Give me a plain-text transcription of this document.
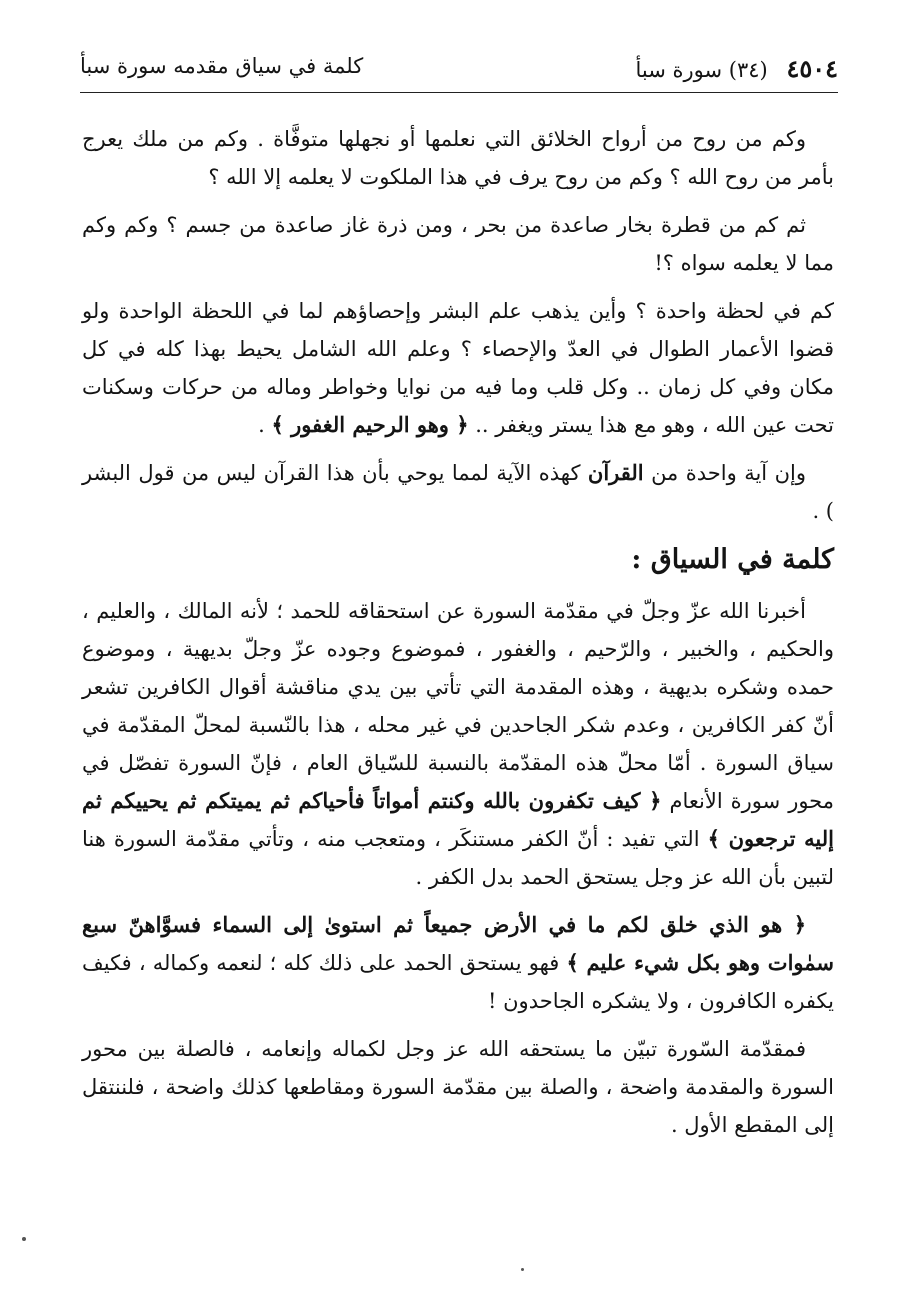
٤٥٠٤ (٣٤) سورة سبأ
كلمة في سياق مقدمه سورة سبأ

وكم من روح من أرواح الخلائق التي نعلمها أو نجهلها متوفَّاة . وكم من ملك يعرج بأمر من روح الله ؟ وكم من روح يرف في هذا الملكوت لا يعلمه إلا الله ؟

ثم كم من قطرة بخار صاعدة من بحر ، ومن ذرة غاز صاعدة من جسم ؟ وكم وكم مما لا يعلمه سواه ؟!

كم في لحظة واحدة ؟ وأين يذهب علم البشر وإحصاؤهم لما في اللحظة الواحدة ولو قضوا الأعمار الطوال في العدّ والإحصاء ؟ وعلم الله الشامل يحيط بهذا كله في كل مكان وفي كل زمان .. وكل قلب وما فيه من نوايا وخواطر وماله من حركات وسكنات تحت عين الله ، وهو مع هذا يستر ويغفر .. ﴿ وهو الرحيم الغفور ﴾ .

وإن آية واحدة من القرآن كهذه الآية لمما يوحي بأن هذا القرآن ليس من قول البشر ) .

كلمة في السياق :

أخبرنا الله عزّ وجلّ في مقدّمة السورة عن استحقاقه للحمد ؛ لأنه المالك ، والعليم ، والحكيم ، والخبير ، والرّحيم ، والغفور ، فموضوع وجوده عزّ وجلّ بديهية ، وموضوع حمده وشكره بديهية ، وهذه المقدمة التي تأتي بين يدي مناقشة أقوال الكافرين تشعر أنّ كفر الكافرين ، وعدم شكر الجاحدين في غير محله ، هذا بالنّسبة لمحلّ المقدّمة في سياق السورة . أمّا محلّ هذه المقدّمة بالنسبة للسّياق العام ، فإنّ السورة تفصّل في محور سورة الأنعام ﴿ كيف تكفرون بالله وكنتم أمواتاً فأحياكم ثم يميتكم ثم يحييكم ثم إليه ترجعون ﴾ التي تفيد : أنّ الكفر مستنكَر ، ومتعجب منه ، وتأتي مقدّمة السورة هنا لتبين بأن الله عز وجل يستحق الحمد بدل الكفر .

﴿ هو الذي خلق لكم ما في الأرض جميعاً ثم استوىٰ إلى السماء فسوَّاهنّ سبع سمٰوات وهو بكل شيء عليم ﴾ فهو يستحق الحمد على ذلك كله ؛ لنعمه وكماله ، فكيف يكفره الكافرون ، ولا يشكره الجاحدون !

فمقدّمة السّورة تبيّن ما يستحقه الله عز وجل لكماله وإنعامه ، فالصلة بين محور السورة والمقدمة واضحة ، والصلة بين مقدّمة السورة ومقاطعها كذلك واضحة ، فلننتقل إلى المقطع الأول .
